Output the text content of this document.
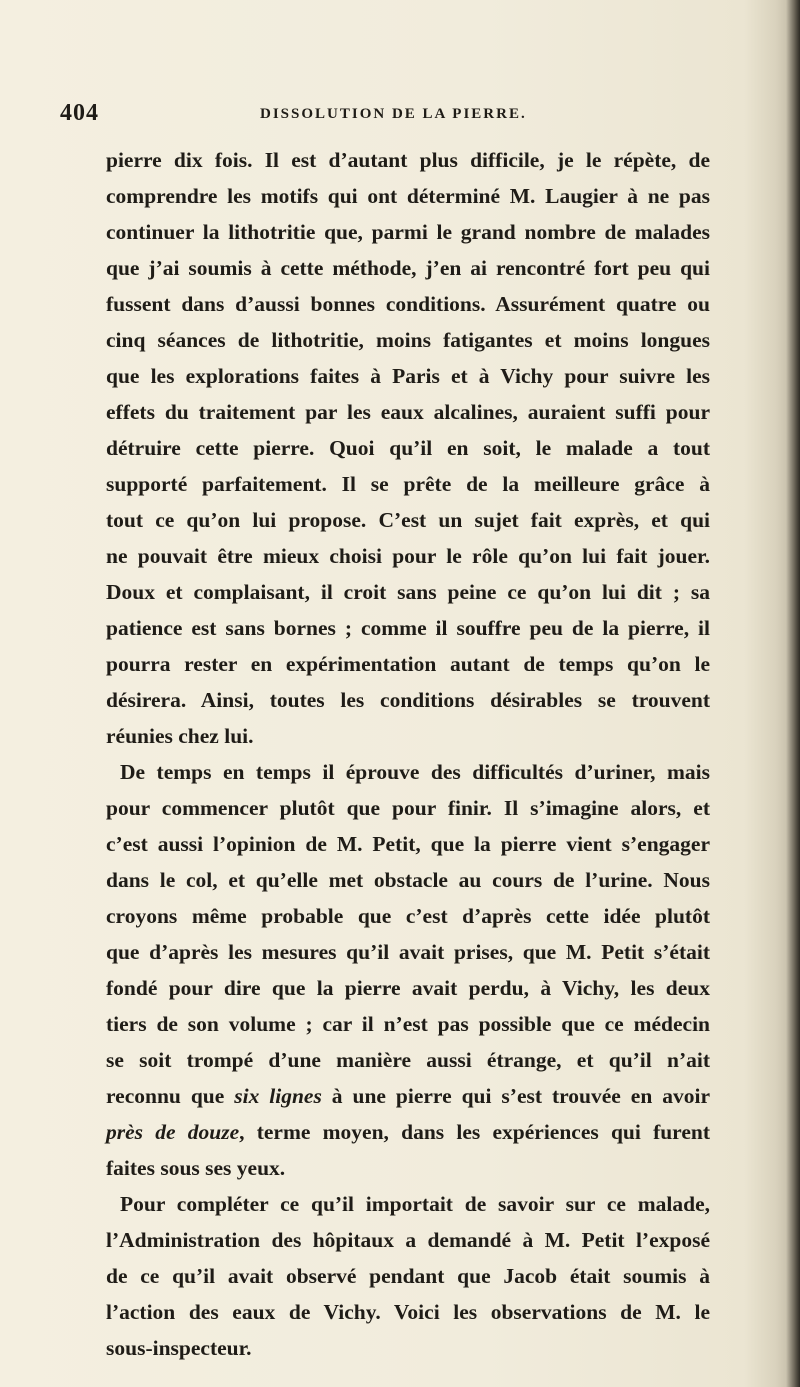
404	DISSOLUTION DE LA PIERRE.
pierre dix fois. Il est d’autant plus difficile, je le répète, de
comprendre les motifs qui ont déterminé M. Laugier à ne pas
continuer la lithotritie que, parmi le grand nombre de malades
que j’ai soumis à cette méthode, j’en ai rencontré fort peu qui
fussent dans d’aussi bonnes conditions. Assurément quatre ou
cinq séances de lithotritie, moins fatigantes et moins longues
que les explorations faites à Paris et à Vichy pour suivre les
effets du traitement par les eaux alcalines, auraient suffi pour
détruire cette pierre. Quoi qu’il en soit, le malade a tout
supporté parfaitement. Il se prête de la meilleure grâce à
tout ce qu’on lui propose. C’est un sujet fait exprès, et qui
ne pouvait être mieux choisi pour le rôle qu’on lui fait jouer.
Doux et complaisant, il croit sans peine ce qu’on lui dit ; sa
patience est sans bornes ; comme il souffre peu de la pierre, il
pourra rester en expérimentation autant de temps qu’on le
désirera. Ainsi, toutes les conditions désirables se trouvent
réunies chez lui.
De temps en temps il éprouve des difficultés d’uriner, mais
pour commencer plutôt que pour finir. Il s’imagine alors, et
c’est aussi l’opinion de M. Petit, que la pierre vient s’engager
dans le col, et qu’elle met obstacle au cours de l’urine. Nous
croyons même probable que c’est d’après cette idée plutôt
que d’après les mesures qu’il avait prises, que M. Petit s’était
fondé pour dire que la pierre avait perdu, à Vichy, les deux
tiers de son volume ; car il n’est pas possible que ce médecin
se soit trompé d’une manière aussi étrange, et qu’il n’ait
reconnu que six lignes à une pierre qui s’est trouvée en avoir
près de douze, terme moyen, dans les expériences qui furent
faites sous ses yeux.
Pour compléter ce qu’il importait de savoir sur ce malade,
l’Administration des hôpitaux a demandé à M. Petit l’exposé
de ce qu’il avait observé pendant que Jacob était soumis à
l’action des eaux de Vichy. Voici les observations de M. le
sous-inspecteur.
